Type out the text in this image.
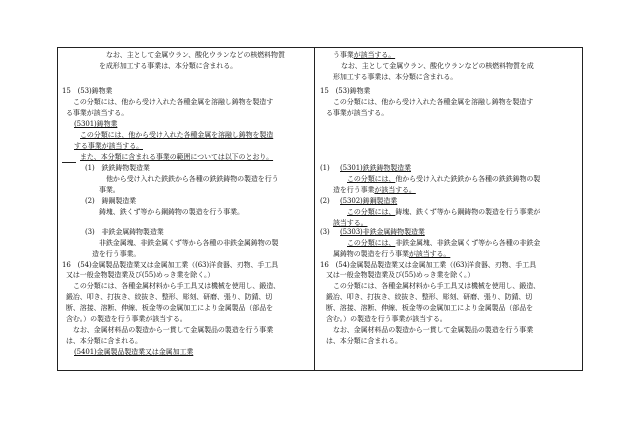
なお、主として金属ウラン、酸化ウランなどの核燃料物質
を成形加工する事業は、本分類に含まれる。
15　(53)鋳物業
この分類には、他から受け入れた各種金属を溶融し鋳物を製造す
る事業が該当する。
(5301)鋳物業
この分類には、他から受け入れた各種金属を溶融し鋳物を製造
する事業が該当する。
また、本分類に含まれる事業の範囲については以下のとおり。
(1)　鉄鉄鋳物製造業
他から受け入れた鉄鉄から各種の鉄鉄鋳物の製造を行う
事業。
(2)　鋳鋼製造業
鋳塊、鉄くず等から鋼鋳物の製造を行う事業。
(3)　非鉄金属鋳物製造業
非鉄金属塊、非鉄金属くず等から各種の非鉄金属鋳物の製
造を行う事業。
16　(54)金属製品製造業又は金属加工業（(63)洋食器、刃物、手工具
又は一般金物製造業及び(55)めっき業を除く。）
この分類には、各種金属材料から手工具又は機械を使用し、鍛造、
鍛冶、叩き、打抜き、絞抜き、整形、彫刻、研磨、張り、防錆、切
断、溶接、溶断、伸線、板金等の金属加工により金属製品（部品を
含む。）の製造を行う事業が該当する。
なお、金属材料品の製造から一貫して金属製品の製造を行う事業
は、本分類に含まれる。
(5401)金属製品製造業又は金属加工業
う事業が該当する。
なお、主として金属ウラン、酸化ウランなどの核燃料物質を成
形加工する事業は、本分類に含まれる。
15　(53)鋳物業
この分類には、他から受け入れた各種金属を溶融し鋳物を製造す
る事業が該当する。
(1) (5301)鉄鉄鋳物製造業
この分類には、他から受け入れた鉄鉄から各種の鉄鉄鋳物の製
造を行う事業が該当する。
(2) (5302)鋳鋼製造業
この分類には、鋳塊、鉄くず等から鋼鋳物の製造を行う事業が
該当する。
(3) (5303)非鉄金属鋳物製造業
この分類には、非鉄金属塊、非鉄金属くず等から各種の非鉄金
属鋳物の製造を行う事業が該当する。
16　(54)金属製品製造業又は金属加工業（(63)洋食器、刃物、手工具
又は一般金物製造業及び(55)めっき業を除く。）
この分類には、各種金属材料から手工具又は機械を使用し、鍛造、
鍛冶、叩き、打抜き、絞抜き、整形、彫刻、研磨、張り、防錆、切
断、溶接、溶断、伸線、板金等の金属加工により金属製品（部品を
含む。）の製造を行う事業が該当する。
なお、金属材料品の製造から一貫して金属製品の製造を行う事業
は、本分類に含まれる。
